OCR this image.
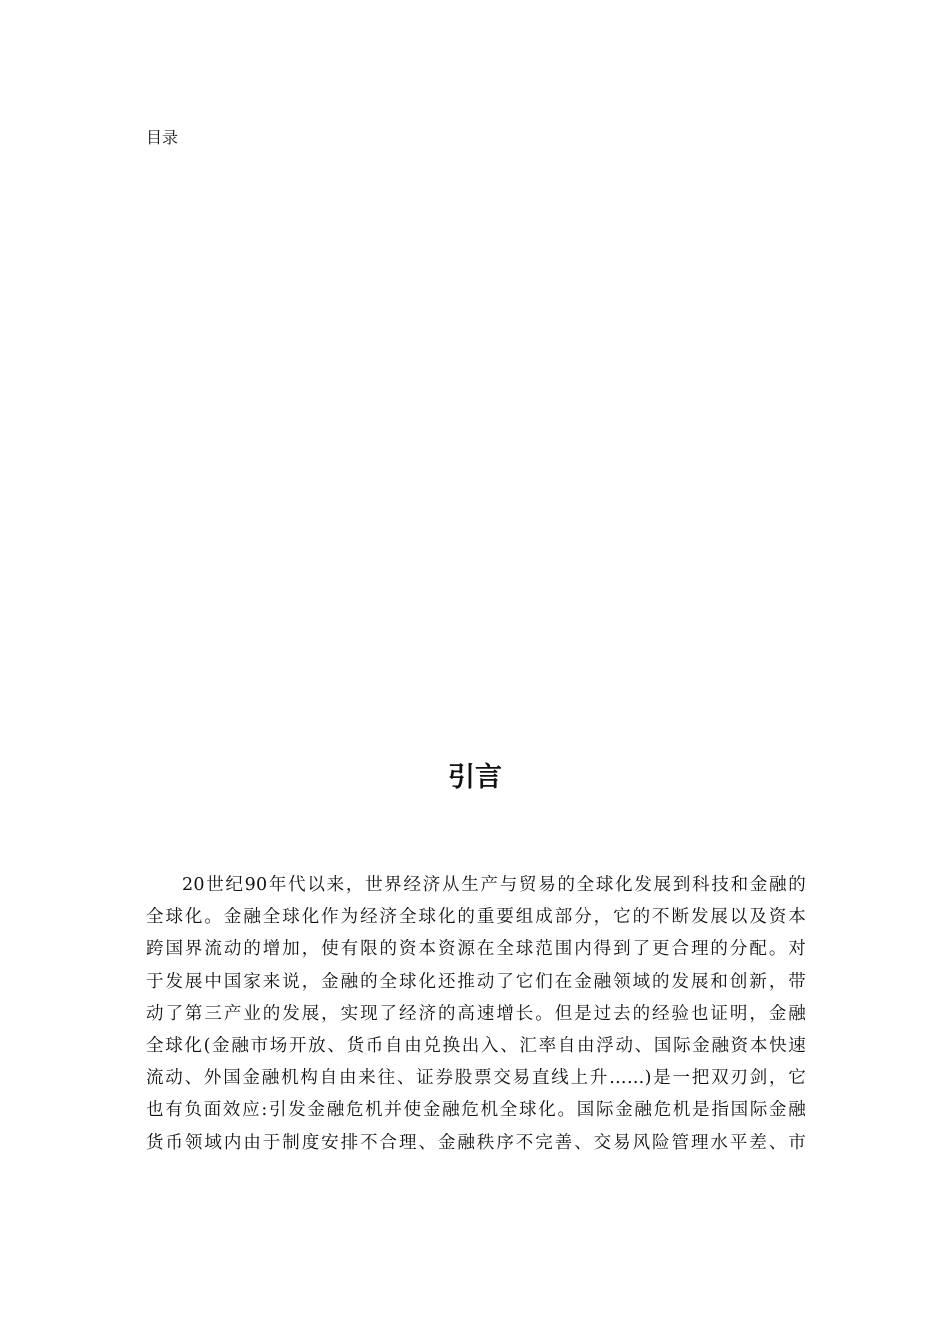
目录
引言
20世纪90年代以来，世界经济从生产与贸易的全球化发展到科技和金融的
全球化。金融全球化作为经济全球化的重要组成部分，它的不断发展以及资本
跨国界流动的增加，使有限的资本资源在全球范围内得到了更合理的分配。对
于发展中国家来说，金融的全球化还推动了它们在金融领域的发展和创新，带
动了第三产业的发展，实现了经济的高速增长。但是过去的经验也证明，金融
全球化(金融市场开放、货币自由兑换出入、汇率自由浮动、国际金融资本快速
流动、外国金融机构自由来往、证券股票交易直线上升……)是一把双刃剑，它
也有负面效应:引发金融危机并使金融危机全球化。国际金融危机是指国际金融
货币领域内由于制度安排不合理、金融秩序不完善、交易风险管理水平差、市
